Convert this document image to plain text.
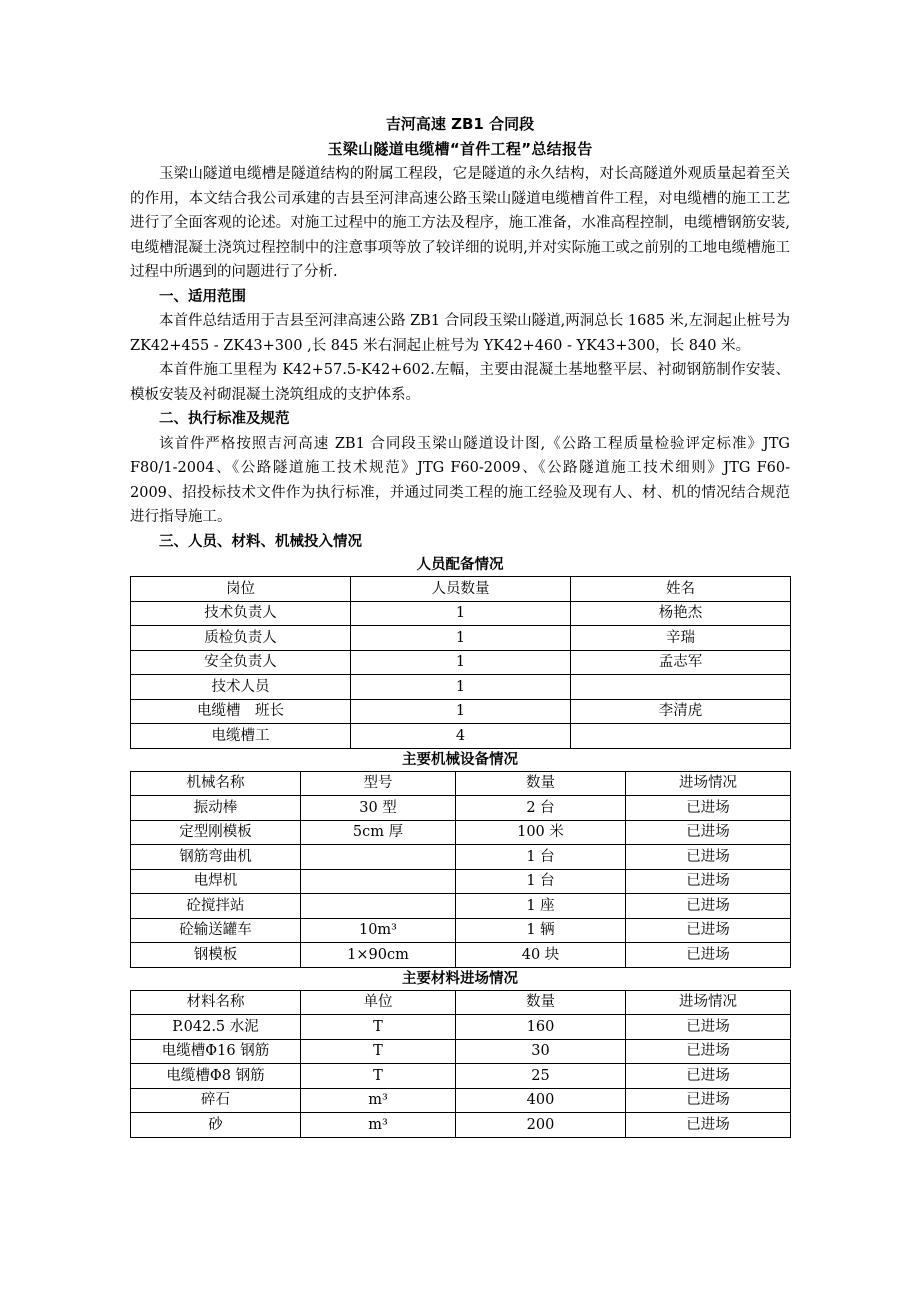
吉河高速 ZB1 合同段
玉梁山隧道电缆槽“首件工程”总结报告

玉梁山隧道电缆槽是隧道结构的附属工程段，它是隧道的永久结构，对长高隧道外观质量起着至关的作用，本文结合我公司承建的吉县至河津高速公路玉梁山隧道电缆槽首件工程，对电缆槽的施工工艺进行了全面客观的论述。对施工过程中的施工方法及程序，施工准备，水准高程控制，电缆槽钢筋安装,电缆槽混凝土浇筑过程控制中的注意事项等放了较详细的说明,并对实际施工或之前别的工地电缆槽施工过程中所遇到的问题进行了分析.

一、适用范围

本首件总结适用于吉县至河津高速公路 ZB1 合同段玉梁山隧道,两洞总长 1685 米,左洞起止桩号为 ZK42+455 - ZK43+300 ,长 845 米右洞起止桩号为 YK42+460 - YK43+300，长 840 米。

本首件施工里程为 K42+57.5-K42+602.左幅，主要由混凝土基地整平层、衬砌钢筋制作安装、模板安装及衬砌混凝土浇筑组成的支护体系。

二、执行标准及规范

该首件严格按照吉河高速 ZB1 合同段玉梁山隧道设计图,《公路工程质量检验评定标准》JTG F80/1-2004、《公路隧道施工技术规范》JTG F60-2009、《公路隧道施工技术细则》JTG F60-2009、招投标技术文件作为执行标准，并通过同类工程的施工经验及现有人、材、机的情况结合规范进行指导施工。

三、人员、材料、机械投入情况
人员配备情况
岗位	人员数量	姓名
技术负责人	1	杨艳杰
质检负责人	1	辛瑞
安全负责人	1	孟志军
技术人员	1	
电缆槽　班长	1	李清虎
电缆槽工	4	
主要机械设备情况
机械名称	型号	数量	进场情况
振动棒	30 型	2 台	已进场
定型刚模板	5cm 厚	100 米	已进场
钢筋弯曲机		1 台	已进场
电焊机		1 台	已进场
砼搅拌站		1 座	已进场
砼输送罐车	10m³	1 辆	已进场
钢模板	1×90cm	40 块	已进场
主要材料进场情况
材料名称	单位	数量	进场情况
P.042.5 水泥	T	160	已进场
电缆槽Φ16 钢筋	T	30	已进场
电缆槽Φ8 钢筋	T	25	已进场
碎石	m³	400	已进场
砂	m³	200	已进场
